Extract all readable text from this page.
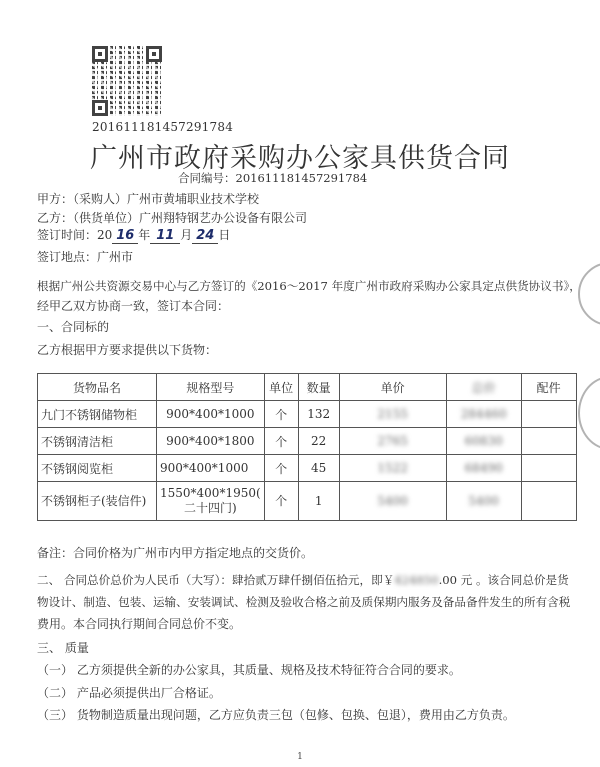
201611181457291784
广州市政府采购办公家具供货合同
合同编号：201611181457291784
甲方：（采购人）广州市黄埔职业技术学校
乙方：（供货单位）广州翔特钢艺办公设备有限公司
签订时间：20 16 年 11 月 24 日
签订地点：广州市
根据广州公共资源交易中心与乙方签订的《2016～2017 年度广州市政府采购办公家具定点供货协议书》，
经甲乙双方协商一致，签订本合同：
一、合同标的
乙方根据甲方要求提供以下货物：
货物品名	规格型号	单位	数量	单价	总价	配件
九门不锈钢储物柜	900*400*1000	个	132	2155	284460	
不锈钢清洁柜	900*400*1800	个	22	2765	60830	
不锈钢阅览柜	900*400*1000	个	45	1522	68490	
不锈钢柜子(装信件)	1550*400*1950(
二十四门)	个	1	5400	5400	
备注：合同价格为广州市内甲方指定地点的交货价。
二、 合同总价总价为人民币（大写）：肆拾贰万肆仟捌佰伍拾元，即￥424850.00 元 。该合同总价是货
物设计、制造、包装、运输、安装调试、检测及验收合格之前及质保期内服务及备品备件发生的所有含税
费用。本合同执行期间合同总价不变。
三、 质量
（一） 乙方须提供全新的办公家具，其质量、规格及技术特征符合合同的要求。
（二） 产品必须提供出厂合格证。
（三） 货物制造质量出现问题，乙方应负责三包（包修、包换、包退），费用由乙方负责。
1
